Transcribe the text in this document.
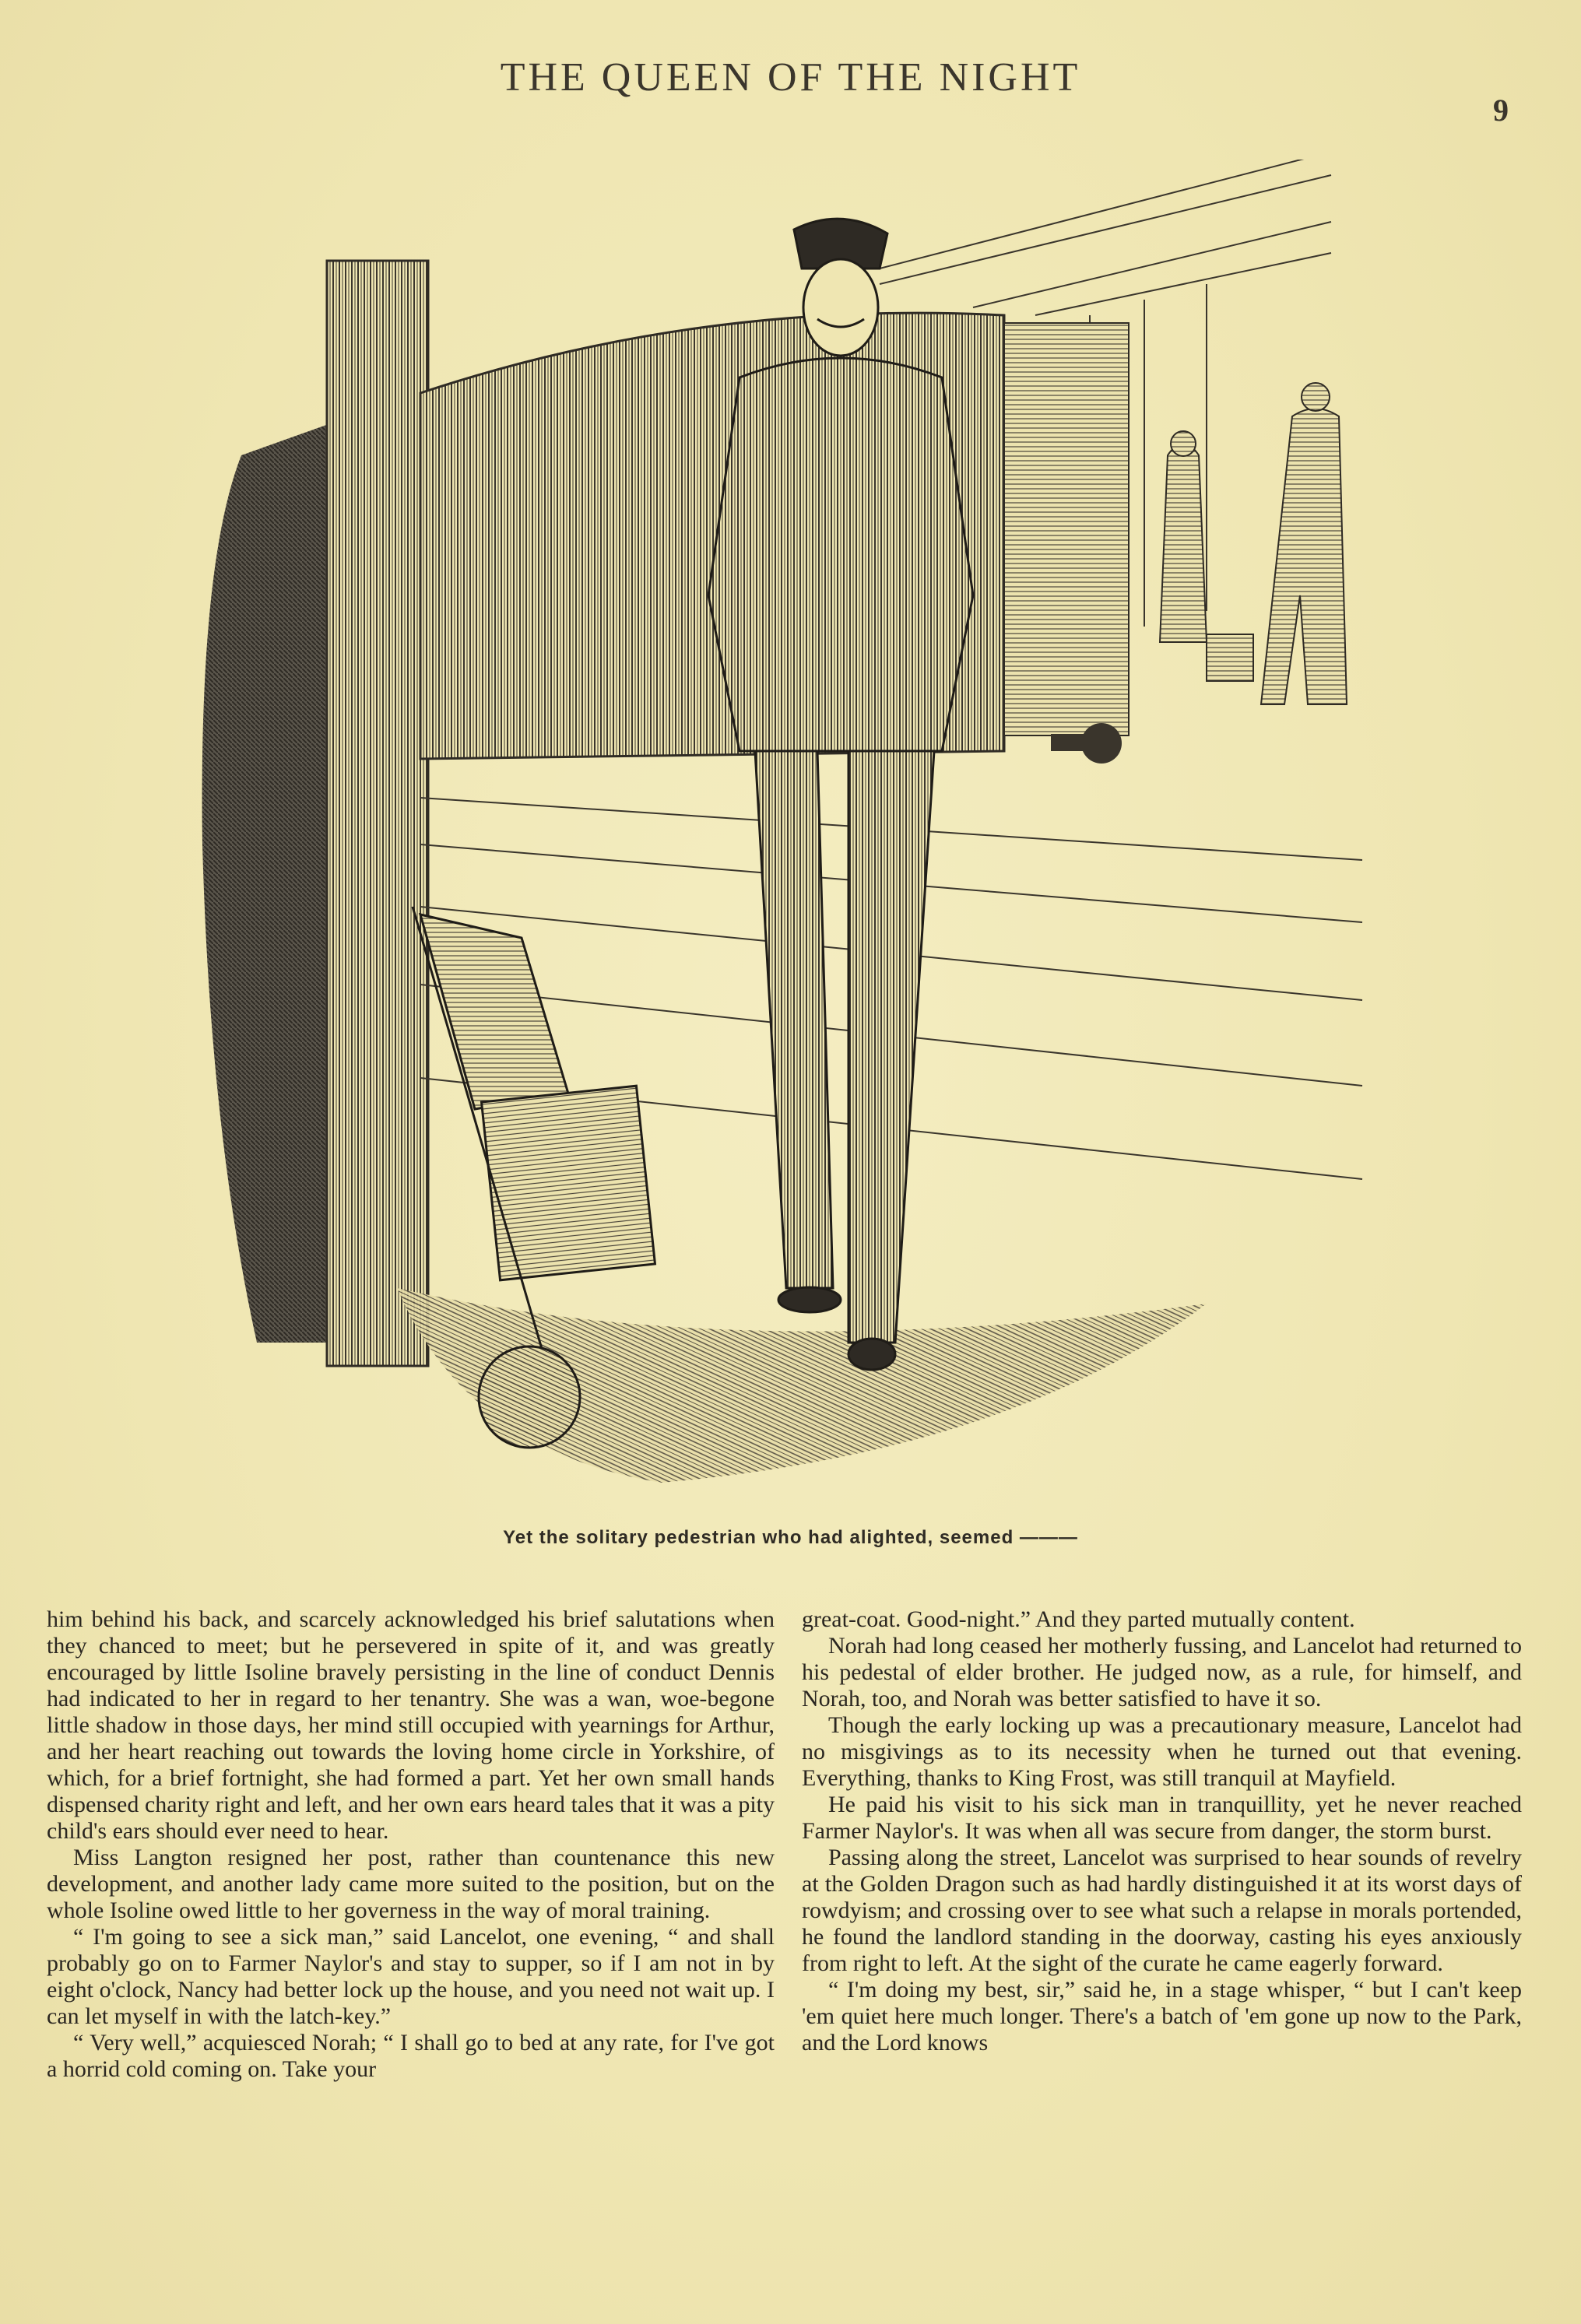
THE QUEEN OF THE NIGHT
9
Yet the solitary pedestrian who had alighted, seemed ———

him behind his back, and scarcely acknowledged his brief salutations when they chanced to meet; but he persevered in spite of it, and was greatly encouraged by little Isoline bravely persisting in the line of conduct Dennis had indicated to her in regard to her tenantry. She was a wan, woe-begone little shadow in those days, her mind still occupied with yearnings for Arthur, and her heart reaching out towards the loving home circle in Yorkshire, of which, for a brief fortnight, she had formed a part. Yet her own small hands dispensed charity right and left, and her own ears heard tales that it was a pity child's ears should ever need to hear.

Miss Langton resigned her post, rather than countenance this new development, and another lady came more suited to the position, but on the whole Isoline owed little to her governess in the way of moral training.

“ I'm going to see a sick man,” said Lancelot, one evening, “ and shall probably go on to Farmer Naylor's and stay to supper, so if I am not in by eight o'clock, Nancy had better lock up the house, and you need not wait up. I can let myself in with the latch-key.”

“ Very well,” acquiesced Norah; “ I shall go to bed at any rate, for I've got a horrid cold coming on. Take your

great-coat. Good-night.” And they parted mutually content.

Norah had long ceased her motherly fussing, and Lancelot had returned to his pedestal of elder brother. He judged now, as a rule, for himself, and Norah, too, and Norah was better satisfied to have it so.

Though the early locking up was a precautionary measure, Lancelot had no misgivings as to its necessity when he turned out that evening. Everything, thanks to King Frost, was still tranquil at Mayfield.

He paid his visit to his sick man in tranquillity, yet he never reached Farmer Naylor's. It was when all was secure from danger, the storm burst.

Passing along the street, Lancelot was surprised to hear sounds of revelry at the Golden Dragon such as had hardly distinguished it at its worst days of rowdyism; and crossing over to see what such a relapse in morals portended, he found the landlord standing in the doorway, casting his eyes anxiously from right to left. At the sight of the curate he came eagerly forward.

“ I'm doing my best, sir,” said he, in a stage whisper, “ but I can't keep 'em quiet here much longer. There's a batch of 'em gone up now to the Park, and the Lord knows
